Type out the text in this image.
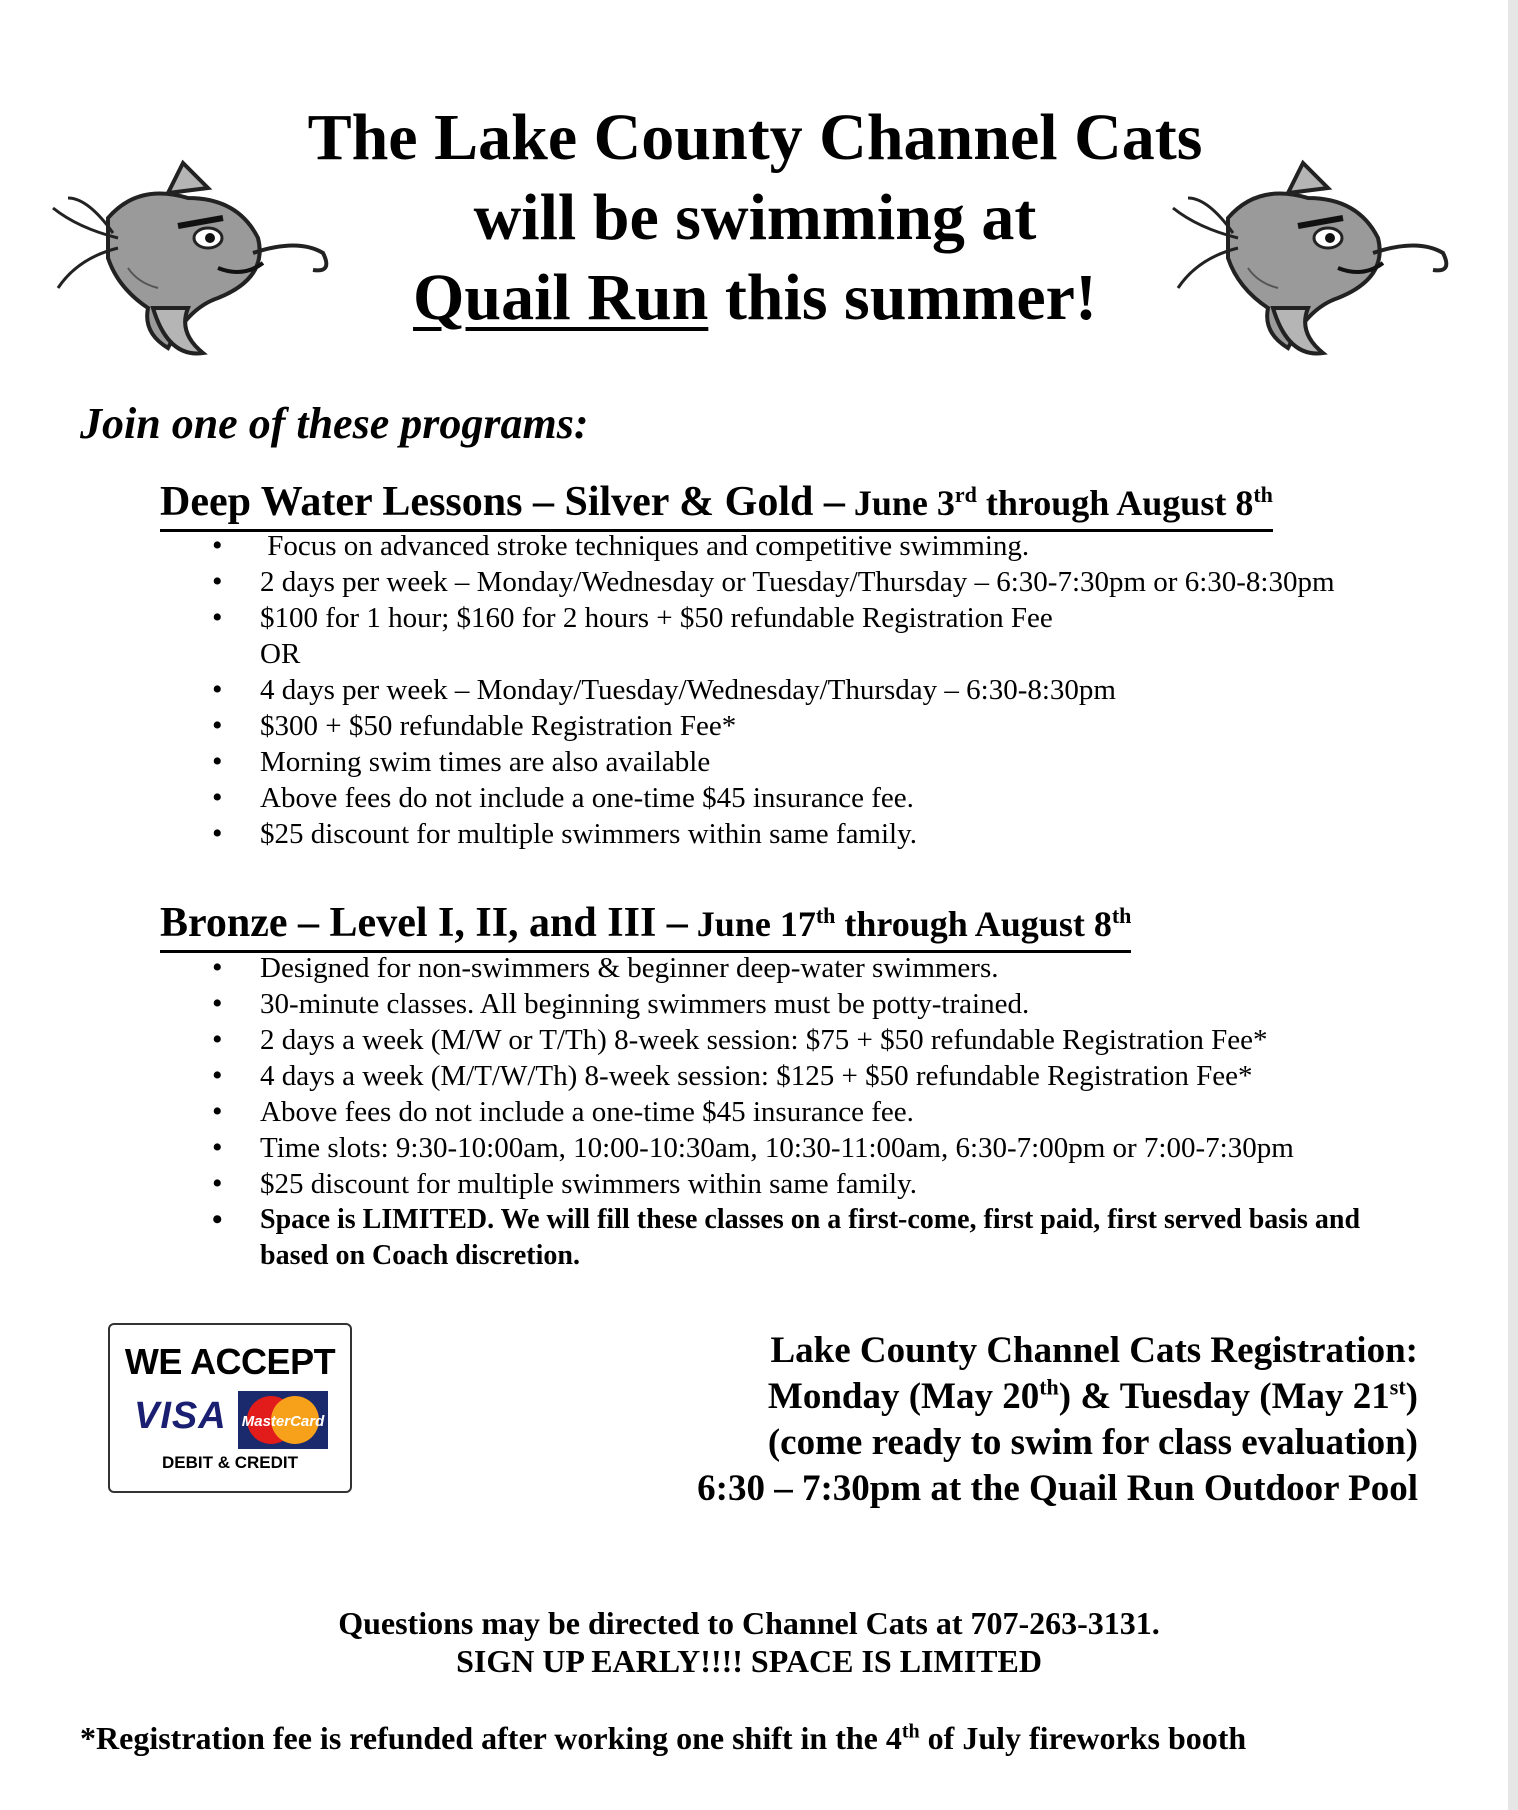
The Lake County Channel Cats
will be swimming at
Quail Run this summer!
Join one of these programs:
Deep Water Lessons – Silver & Gold – June 3rd through August 8th
• Focus on advanced stroke techniques and competitive swimming.
• 2 days per week – Monday/Wednesday or Tuesday/Thursday – 6:30-7:30pm or 6:30-8:30pm
• $100 for 1 hour; $160 for 2 hours + $50 refundable Registration Fee
OR
• 4 days per week – Monday/Tuesday/Wednesday/Thursday – 6:30-8:30pm
• $300 + $50 refundable Registration Fee*
• Morning swim times are also available
• Above fees do not include a one-time $45 insurance fee.
• $25 discount for multiple swimmers within same family.
Bronze – Level I, II, and III – June 17th through August 8th
• Designed for non-swimmers & beginner deep-water swimmers.
• 30-minute classes. All beginning swimmers must be potty-trained.
• 2 days a week (M/W or T/Th) 8-week session: $75 + $50 refundable Registration Fee*
• 4 days a week (M/T/W/Th) 8-week session: $125 + $50 refundable Registration Fee*
• Above fees do not include a one-time $45 insurance fee.
• Time slots: 9:30-10:00am, 10:00-10:30am, 10:30-11:00am, 6:30-7:00pm or 7:00-7:30pm
• $25 discount for multiple swimmers within same family.
• Space is LIMITED. We will fill these classes on a first-come, first paid, first served basis and based on Coach discretion.
WE ACCEPT
VISA MasterCard
DEBIT & CREDIT
Lake County Channel Cats Registration:
Monday (May 20th) & Tuesday (May 21st)
(come ready to swim for class evaluation)
6:30 – 7:30pm at the Quail Run Outdoor Pool
Questions may be directed to Channel Cats at 707-263-3131.
SIGN UP EARLY!!!! SPACE IS LIMITED
*Registration fee is refunded after working one shift in the 4th of July fireworks booth
